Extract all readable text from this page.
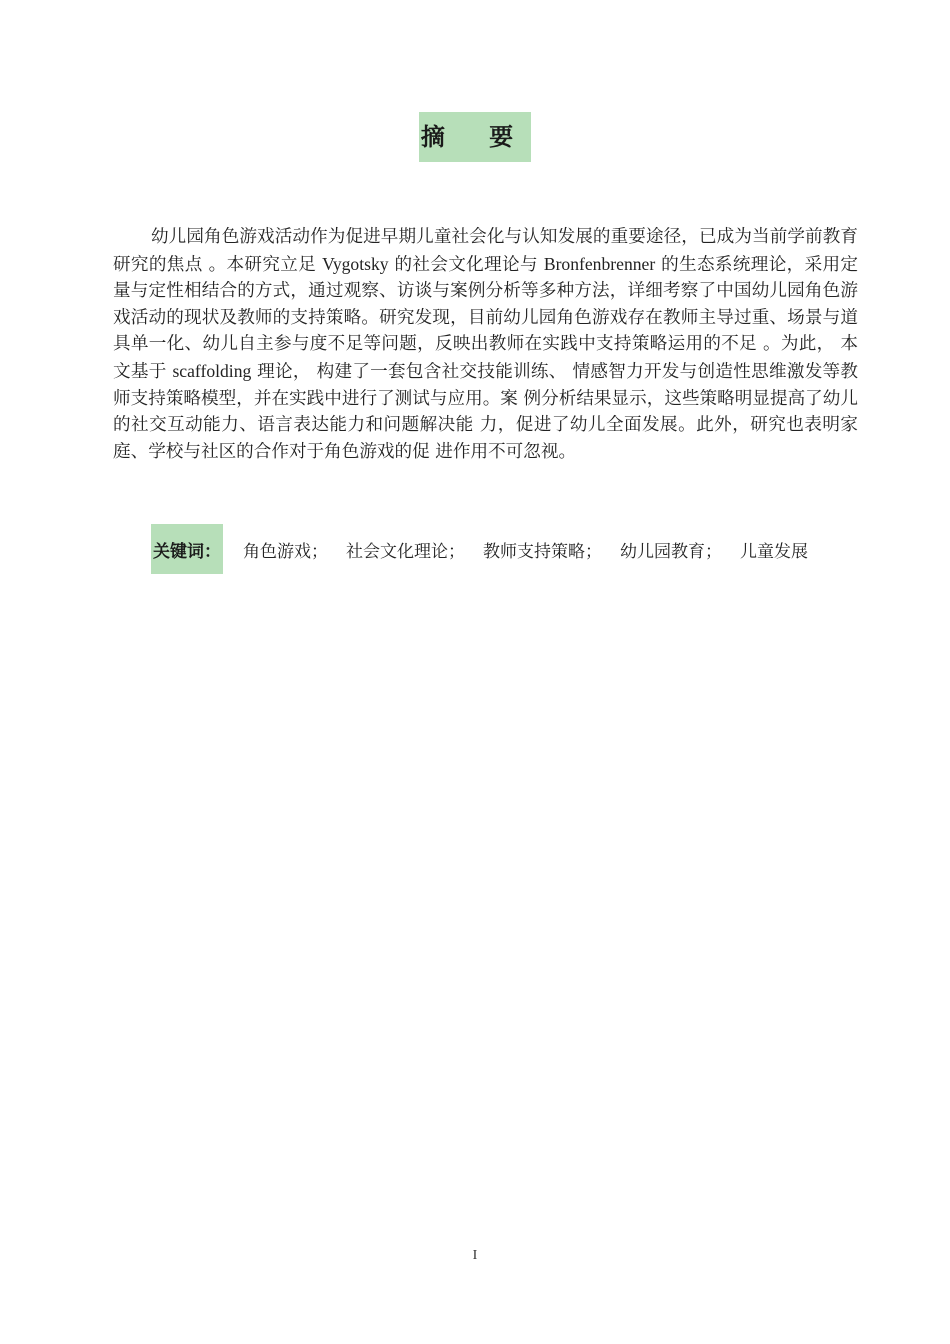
摘 要
幼儿园角色游戏活动作为促进早期儿童社会化与认知发展的重要途径，已成为当前学前教育研究的焦点 。本研究立足 Vygotsky 的社会文化理论与 Bronfenbrenner 的生态系统理论，采用定量与定性相结合的方式，通过观察、访谈与案例分析等多种方法，详细考察了中国幼儿园角色游戏活动的现状及教师的支持策略。研究发现，目前幼儿园角色游戏存在教师主导过重、场景与道具单一化、幼儿自主参与度不足等问题，反映出教师在实践中支持策略运用的不足 。为此， 本文基于 scaffolding 理论， 构建了一套包含社交技能训练、 情感智力开发与创造性思维激发等教师支持策略模型，并在实践中进行了测试与应用。案 例分析结果显示，这些策略明显提高了幼儿的社交互动能力、语言表达能力和问题解决能 力，促进了幼儿全面发展。此外，研究也表明家庭、学校与社区的合作对于角色游戏的促 进作用不可忽视。
关键词： 角色游戏； 社会文化理论； 教师支持策略； 幼儿园教育； 儿童发展
I
